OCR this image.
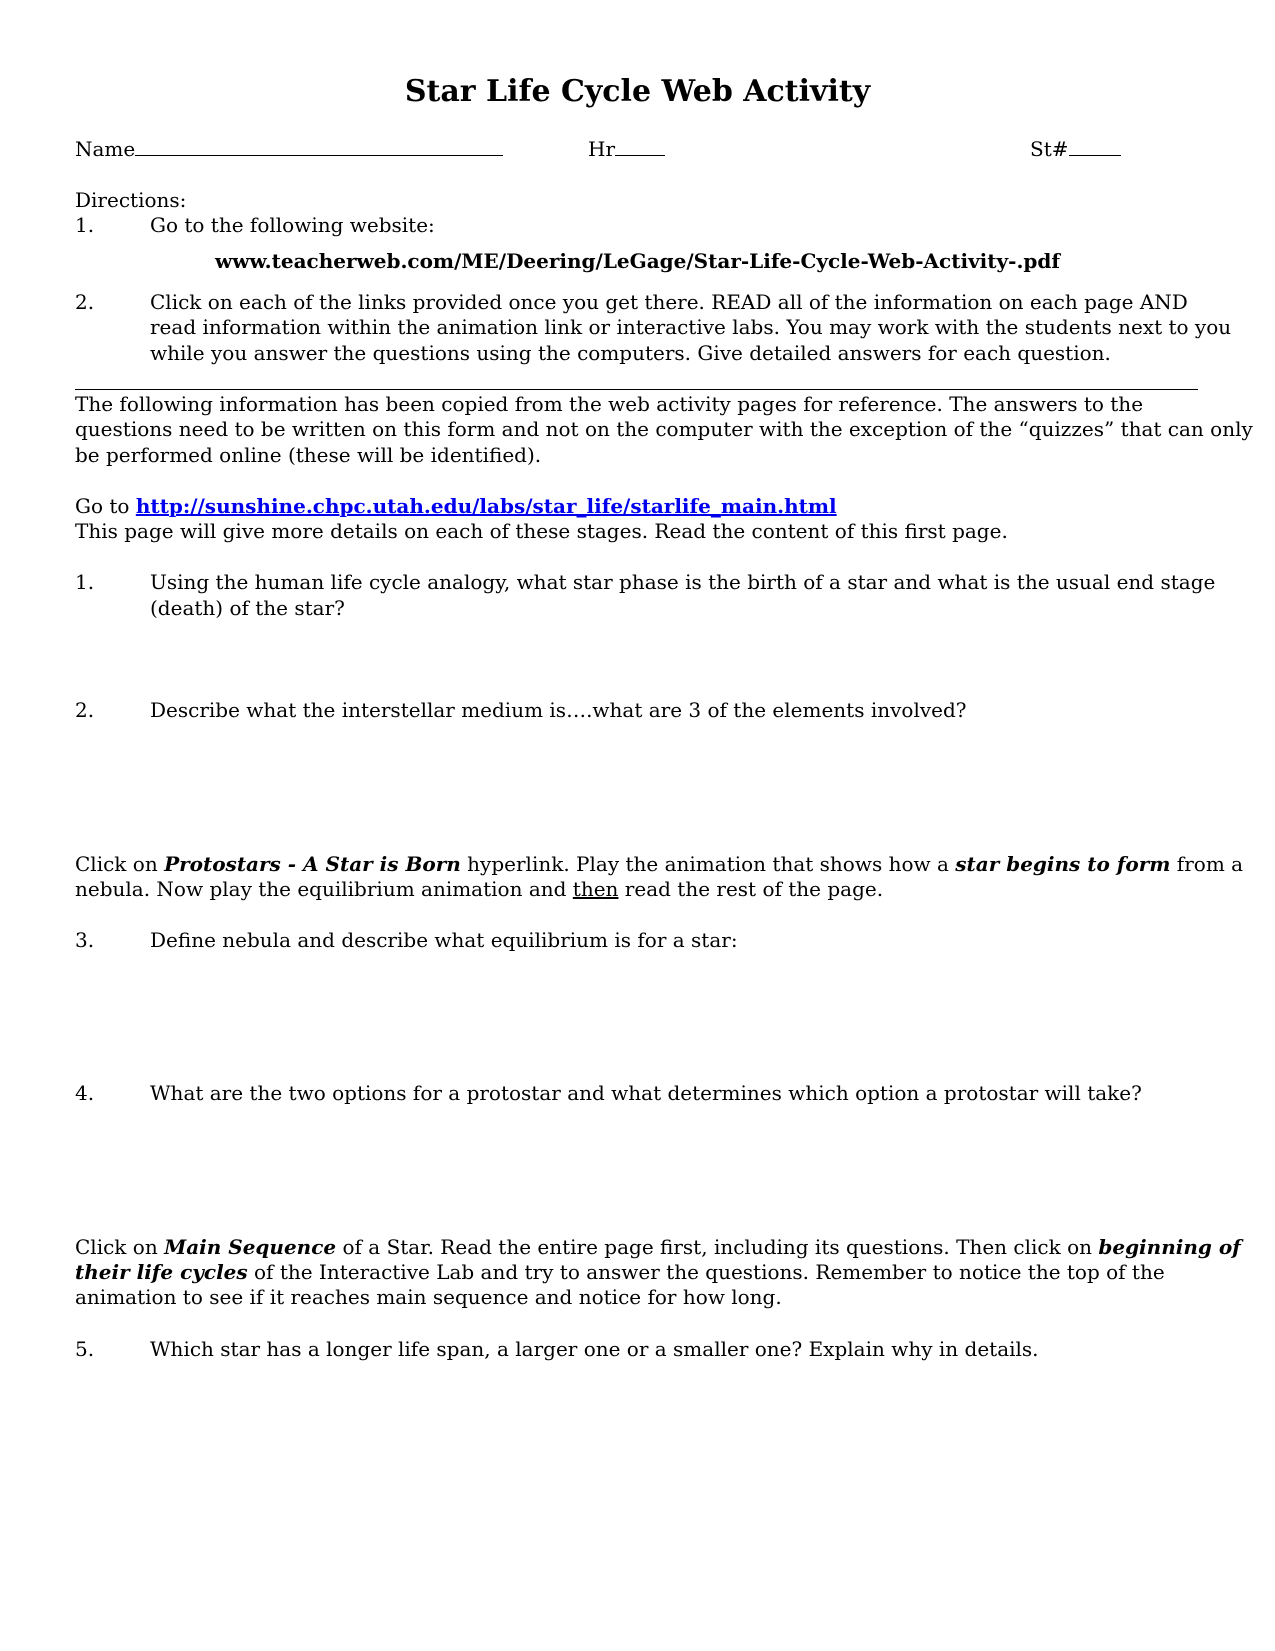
Star Life Cycle Web Activity
Name	Hr	St#
Directions:
1.	Go to the following website:
www.teacherweb.com/ME/Deering/LeGage/Star-Life-Cycle-Web-Activity-.pdf
2.	Click on each of the links provided once you get there. READ all of the information on each page AND
read information within the animation link or interactive labs. You may work with the students next to you
while you answer the questions using the computers. Give detailed answers for each question.
The following information has been copied from the web activity pages for reference. The answers to the
questions need to be written on this form and not on the computer with the exception of the “quizzes” that can only
be performed online (these will be identified).
Go to http://sunshine.chpc.utah.edu/labs/star_life/starlife_main.html
This page will give more details on each of these stages. Read the content of this first page.
1.	Using the human life cycle analogy, what star phase is the birth of a star and what is the usual end stage
(death) of the star?
2.	Describe what the interstellar medium is….what are 3 of the elements involved?
Click on Protostars - A Star is Born hyperlink. Play the animation that shows how a star begins to form from a
nebula. Now play the equilibrium animation and then read the rest of the page.
3.	Define nebula and describe what equilibrium is for a star:
4.	What are the two options for a protostar and what determines which option a protostar will take?
Click on Main Sequence of a Star. Read the entire page first, including its questions. Then click on beginning of
their life cycles of the Interactive Lab and try to answer the questions. Remember to notice the top of the
animation to see if it reaches main sequence and notice for how long.
5.	Which star has a longer life span, a larger one or a smaller one? Explain why in details.
